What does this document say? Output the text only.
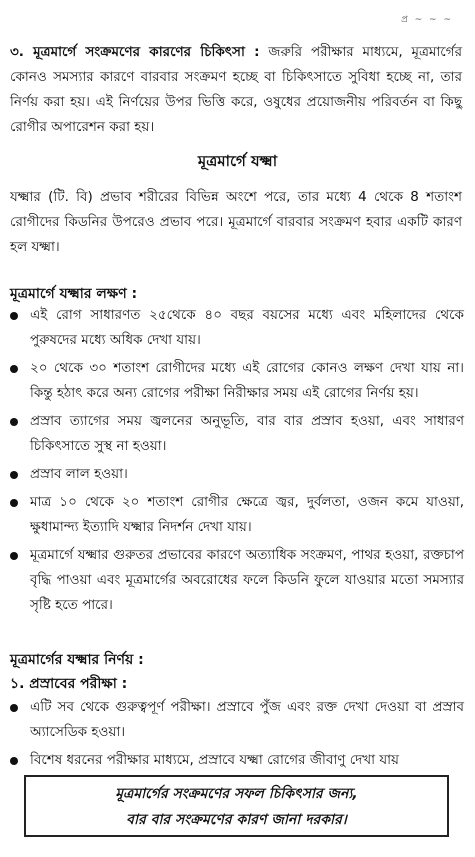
প্র ~ ~ ~

৩. মূত্রমার্গে সংক্রমণের কারণের চিকিৎসা : জরুরি পরীক্ষার মাধ্যমে, মূত্রমার্গের কোনও সমস্যার কারণে বারবার সংক্রমণ হচ্ছে বা চিকিৎসাতে সুবিধা হচ্ছে না, তার নির্ণয় করা হয়। এই নির্ণয়ের উপর ভিত্তি করে, ওষুধের প্রয়োজনীয় পরিবর্তন বা কিছু রোগীর অপারেশন করা হয়।

মূত্রমার্গে যক্ষ্মা

যক্ষ্মার (টি. বি) প্রভাব শরীরের বিভিন্ন অংশে পরে, তার মধ্যে 4 থেকে 8 শতাংশ রোগীদের কিডনির উপরেও প্রভাব পরে। মূত্রমার্গে বারবার সংক্রমণ হবার একটি কারণ হল যক্ষ্মা।

মূত্রমার্গে যক্ষ্মার লক্ষণ :
এই রোগ সাধারণত ২৫থেকে ৪০ বছর বয়সের মধ্যে এবং মহিলাদের থেকে পুরুষদের মধ্যে অধিক দেখা যায়।
২০ থেকে ৩০ শতাংশ রোগীদের মধ্যে এই রোগের কোনও লক্ষণ দেখা যায় না। কিন্তু হঠাৎ করে অন্য রোগের পরীক্ষা নিরীক্ষার সময় এই রোগের নির্ণয় হয়।
প্রস্রাব ত্যাগের সময় জ্বলনের অনুভূতি, বার বার প্রস্রাব হওয়া, এবং সাধারণ চিকিৎসাতে সুস্থ না হওয়া।
প্রস্রাব লাল হওয়া।
মাত্র ১০ থেকে ২০ শতাংশ রোগীর ক্ষেত্রে জ্বর, দুর্বলতা, ওজন কমে যাওয়া, ক্ষুধামান্দ্য ইত্যাদি যক্ষ্মার নিদর্শন দেখা যায়।
মূত্রমার্গে যক্ষ্মার গুরুতর প্রভাবের কারণে অত্যাধিক সংক্রমণ, পাথর হওয়া, রক্তচাপ বৃদ্ধি পাওয়া এবং মূত্রমার্গের অবরোধের ফলে কিডনি ফুলে যাওয়ার মতো সমস্যার সৃষ্টি হতে পারে।
মূত্রমার্গের যক্ষ্মার নির্ণয় :
১. প্রস্রাবের পরীক্ষা :
এটি সব থেকে গুরুত্বপূর্ণ পরীক্ষা। প্রস্রাবে পুঁজ এবং রক্ত দেখা দেওয়া বা প্রস্রাব অ্যাসেডিক হওয়া।
বিশেষ ধরনের পরীক্ষার মাধ্যমে, প্রস্রাবে যক্ষ্মা রোগের জীবাণু দেখা যায়
মূত্রমার্গের সংক্রমণের সফল চিকিৎসার জন্য,
বার বার সংক্রমণের কারণ জানা দরকার।
